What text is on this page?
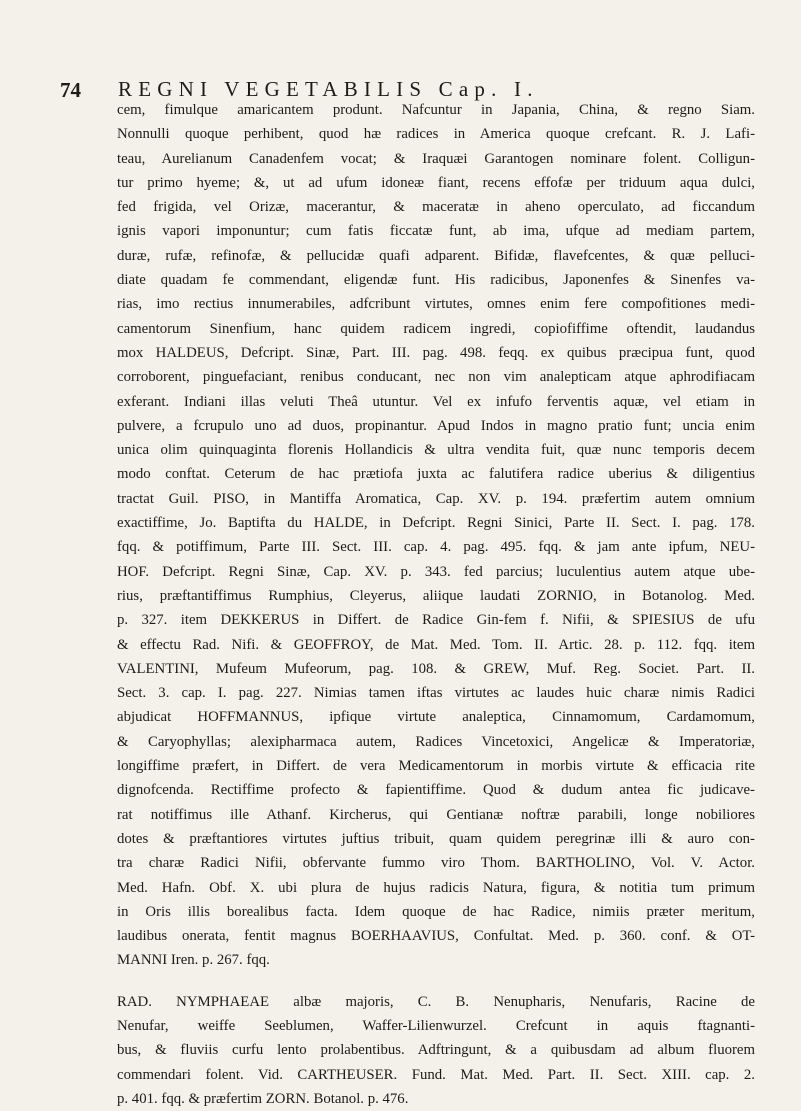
74 REGNI VEGETABILIS Cap. I.
cem, fimulque amaricantem produnt. Nafcuntur in Japania, China, & regno Siam.
Nonnulli quoque perhibent, quod hæ radices in America quoque crefcant. R. J. Lafi-
teau, Aurelianum Canadenfem vocat; & Iraquæi Garantogen nominare folent. Colligun-
tur primo hyeme; &, ut ad ufum idoneæ fiant, recens effofæ per triduum aqua dulci,
fed frigida, vel Orizæ, macerantur, & maceratæ in aheno operculato, ad ficcandum
ignis vapori imponuntur; cum fatis ficcatæ funt, ab ima, ufque ad mediam partem,
duræ, rufæ, refinofæ, & pellucidæ quafi adparent. Bifidæ, flavefcentes, & quæ pelluci-
diate quadam fe commendant, eligendæ funt. His radicibus, Japonenfes & Sinenfes va-
rias, imo rectius innumerabiles, adfcribunt virtutes, omnes enim fere compofitiones medi-
camentorum Sinenfium, hanc quidem radicem ingredi, copiofiffime oftendit, laudandus
mox HALDEUS, Defcript. Sinæ, Part. III. pag. 498. feqq. ex quibus præcipua funt, quod
corroborent, pinguefaciant, renibus conducant, nec non vim analepticam atque aphrodifiacam
exferant. Indiani illas veluti Theâ utuntur. Vel ex infufo ferventis aquæ, vel etiam in
pulvere, a fcrupulo uno ad duos, propinantur. Apud Indos in magno pratio funt; uncia enim
unica olim quinquaginta florenis Hollandicis & ultra vendita fuit, quæ nunc temporis decem
modo conftat. Ceterum de hac prætiofa juxta ac falutifera radice uberius & diligentius
tractat Guil. PISO, in Mantiffa Aromatica, Cap. XV. p. 194. præfertim autem omnium
exactiffime, Jo. Baptifta du HALDE, in Defcript. Regni Sinici, Parte II. Sect. I. pag. 178.
fqq. & potiffimum, Parte III. Sect. III. cap. 4. pag. 495. fqq. & jam ante ipfum, NEU-
HOF. Defcript. Regni Sinæ, Cap. XV. p. 343. fed parcius; luculentius autem atque ube-
rius, præftantiffimus Rumphius, Cleyerus, aliique laudati ZORNIO, in Botanolog. Med.
p. 327. item DEKKERUS in Differt. de Radice Gin-fem f. Nifii, & SPIESIUS de ufu
& effectu Rad. Nifi. & GEOFFROY, de Mat. Med. Tom. II. Artic. 28. p. 112. fqq. item
VALENTINI, Mufeum Mufeorum, pag. 108. & GREW, Muf. Reg. Societ. Part. II.
Sect. 3. cap. I. pag. 227. Nimias tamen iftas virtutes ac laudes huic charæ nimis Radici
abjudicat HOFFMANNUS, ipfique virtute analeptica, Cinnamomum, Cardamomum,
& Caryophyllas; alexipharmaca autem, Radices Vincetoxici, Angelicæ & Imperatoriæ,
longiffime præfert, in Differt. de vera Medicamentorum in morbis virtute & efficacia rite
dignofcenda. Rectiffime profecto & fapientiffime. Quod & dudum antea fic judicave-
rat notiffimus ille Athanf. Kircherus, qui Gentianæ noftræ parabili, longe nobiliores
dotes & præftantiores virtutes juftius tribuit, quam quidem peregrinæ illi & auro con-
tra charæ Radici Nifii, obfervante fummo viro Thom. BARTHOLINO, Vol. V. Actor.
Med. Hafn. Obf. X. ubi plura de hujus radicis Natura, figura, & notitia tum primum
in Oris illis borealibus facta. Idem quoque de hac Radice, nimiis præter meritum,
laudibus onerata, fentit magnus BOERHAAVIUS, Confultat. Med. p. 360. conf. & OT-
MANNI Iren. p. 267. fqq.
RAD. NYMPHAEAE albæ majoris, C. B. Nenupharis, Nenufaris, Racine de
Nenufar, weiffe Seeblumen, Waffer-Lilienwurzel. Crefcunt in aquis ftagnanti-
bus, & fluviis curfu lento prolabentibus. Adftringunt, & a quibusdam ad album fluorem
commendari folent. Vid. CARTHEUSER. Fund. Mat. Med. Part. II. Sect. XIII. cap. 2.
p. 401. fqq. & præfertim ZORN. Botanol. p. 476.
